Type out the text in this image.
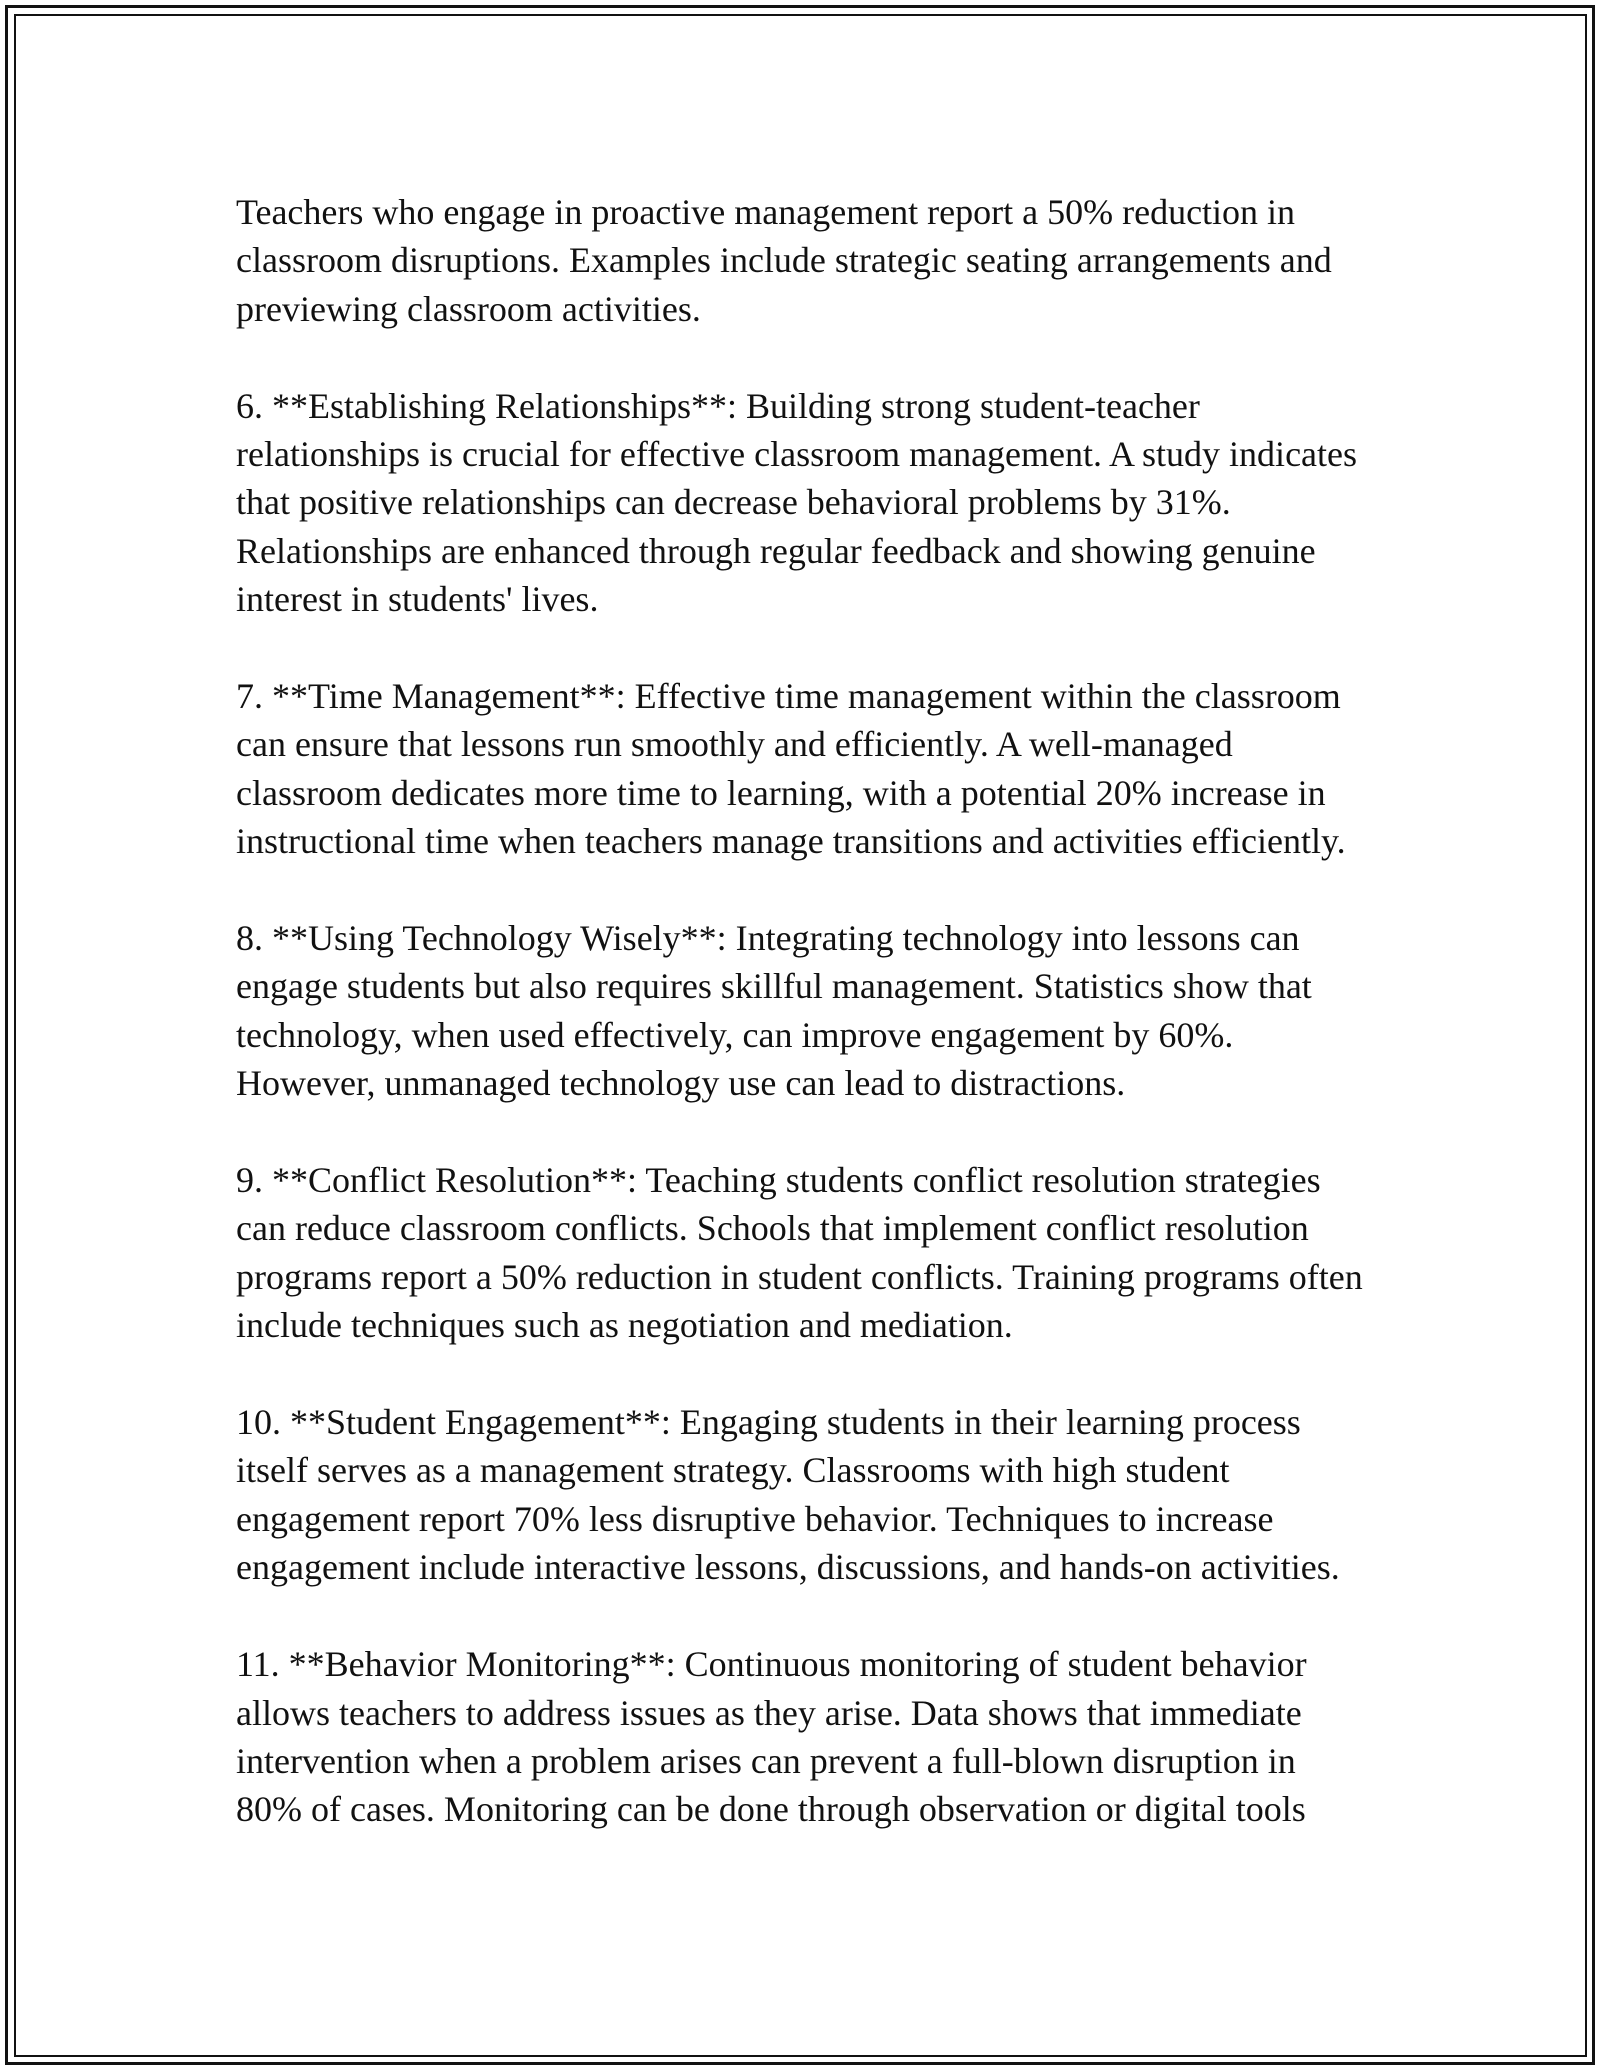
Teachers who engage in proactive management report a 50% reduction in classroom disruptions. Examples include strategic seating arrangements and previewing classroom activities.

6. **Establishing Relationships**: Building strong student-teacher relationships is crucial for effective classroom management. A study indicates that positive relationships can decrease behavioral problems by 31%. Relationships are enhanced through regular feedback and showing genuine interest in students' lives.

7. **Time Management**: Effective time management within the classroom can ensure that lessons run smoothly and efficiently. A well-managed classroom dedicates more time to learning, with a potential 20% increase in instructional time when teachers manage transitions and activities efficiently.

8. **Using Technology Wisely**: Integrating technology into lessons can engage students but also requires skillful management. Statistics show that technology, when used effectively, can improve engagement by 60%. However, unmanaged technology use can lead to distractions.

9. **Conflict Resolution**: Teaching students conflict resolution strategies can reduce classroom conflicts. Schools that implement conflict resolution programs report a 50% reduction in student conflicts. Training programs often include techniques such as negotiation and mediation.

10. **Student Engagement**: Engaging students in their learning process itself serves as a management strategy. Classrooms with high student engagement report 70% less disruptive behavior. Techniques to increase engagement include interactive lessons, discussions, and hands-on activities.

11. **Behavior Monitoring**: Continuous monitoring of student behavior allows teachers to address issues as they arise. Data shows that immediate intervention when a problem arises can prevent a full-blown disruption in 80% of cases. Monitoring can be done through observation or digital tools
